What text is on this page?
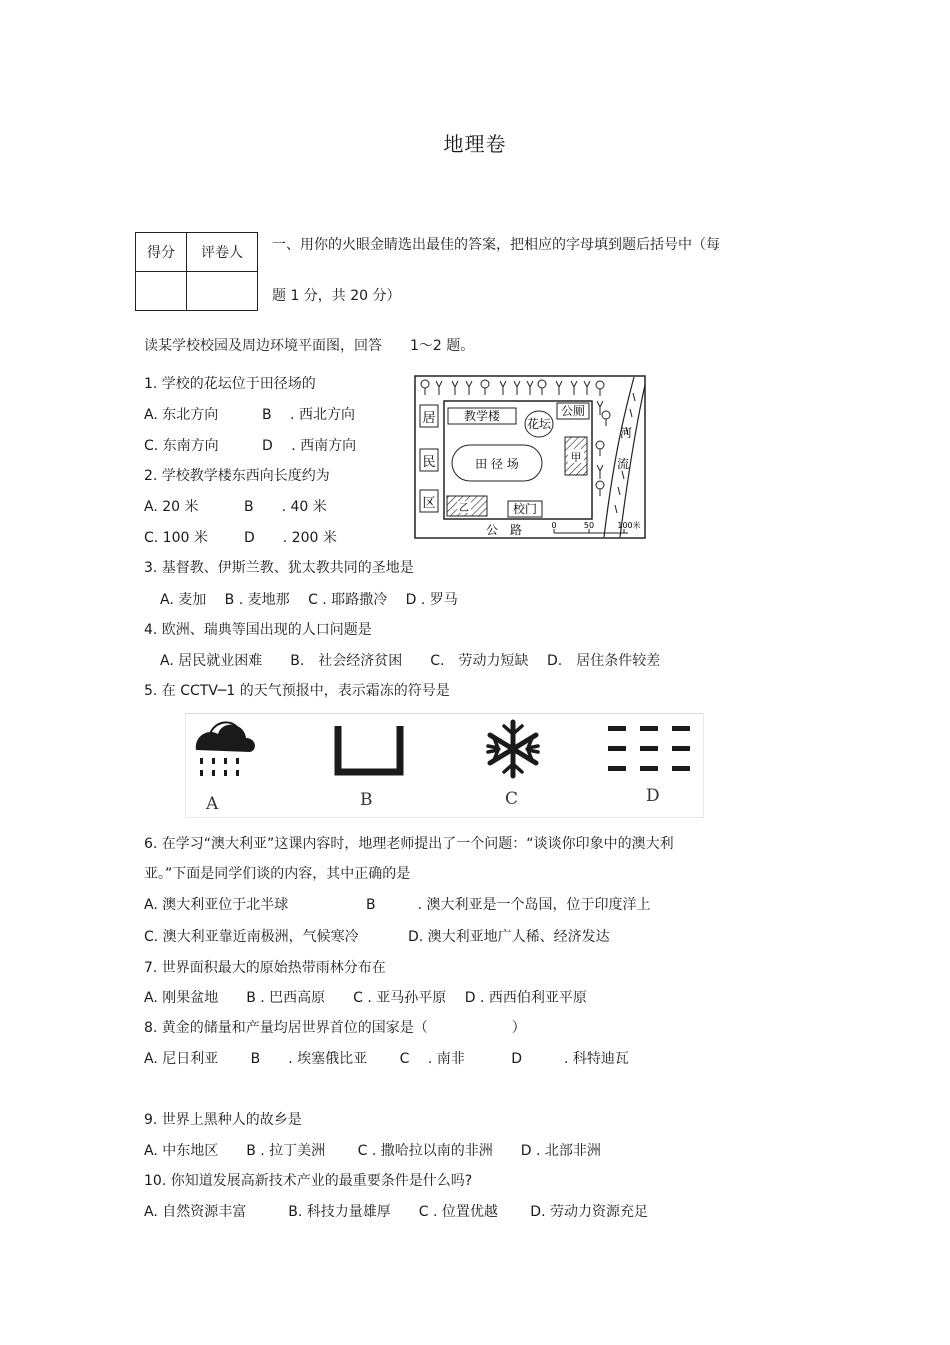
地理卷
得分	评卷人
	一、用你的火眼金睛选出最佳的答案，把相应的字母填到题后括号中（每
题 1 分，共 20 分）
读某学校校园及周边环境平面图，回答　　1～2 题。
1. 学校的花坛位于田径场的
A. 东北方向	B　 . 西北方向
C. 东南方向	D　 . 西南方向
2. 学校教学楼东西向长度约为
A. 20 米	B　　. 40 米
C. 100 米	D　　. 200 米
居
民
区
教学楼
花坛
公厕
田 径 场	甲
乙	校门
公　路
河
流
0	50	100米
3. 基督教、伊斯兰教、犹太教共同的圣地是
A. 麦加　 B . 麦地那　 C . 耶路撒冷　 D . 罗马
4. 欧洲、瑞典等国出现的人口问题是
A. 居民就业困难　　B.　社会经济贫困　　C.　劳动力短缺　 D.　居住条件较差
5. 在 CCTV─1 的天气预报中，表示霜冻的符号是
A	B	C	D
6. 在学习“澳大利亚”这课内容时，地理老师提出了一个问题：“谈谈你印象中的澳大利
亚。”下面是同学们谈的内容，其中正确的是
A. 澳大利亚位于北半球	B　　　. 澳大利亚是一个岛国，位于印度洋上
C. 澳大利亚靠近南极洲，气候寒冷	D. 澳大利亚地广人稀、经济发达
7. 世界面积最大的原始热带雨林分布在
A. 刚果盆地　　B . 巴西高原　　C . 亚马孙平原　 D . 西西伯利亚平原
8. 黄金的储量和产量均居世界首位的国家是（　　　　　　）
A. 尼日利亚　　 B　　. 埃塞俄比亚　　 C　 . 南非　　　 D　　　. 科特迪瓦
9. 世界上黑种人的故乡是
A. 中东地区　　B . 拉丁美洲　　 C . 撒哈拉以南的非洲　　D . 北部非洲
10. 你知道发展高新技术产业的最重要条件是什么吗?
A. 自然资源丰富　　　B. 科技力量雄厚　　C . 位置优越　　 D. 劳动力资源充足
